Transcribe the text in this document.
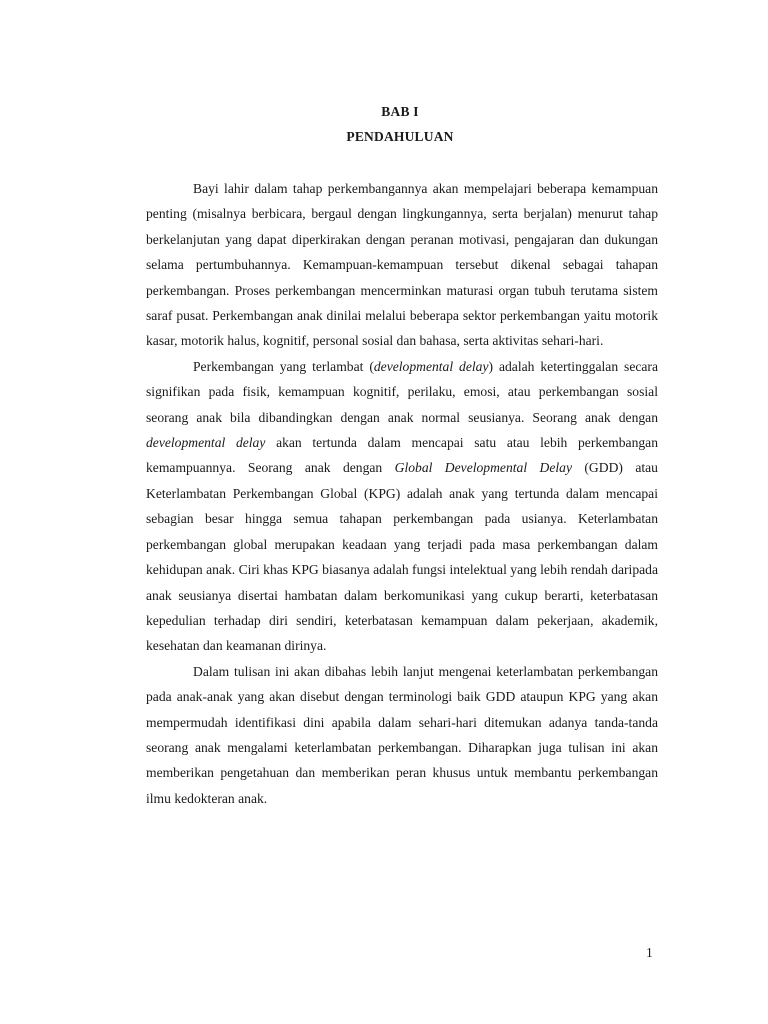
BAB I
PENDAHULUAN

Bayi lahir dalam tahap perkembangannya akan mempelajari beberapa kemampuan penting (misalnya berbicara, bergaul dengan lingkungannya, serta berjalan) menurut tahap berkelanjutan yang dapat diperkirakan dengan peranan motivasi, pengajaran dan dukungan selama pertumbuhannya. Kemampuan-kemampuan tersebut dikenal sebagai tahapan perkembangan. Proses perkembangan mencerminkan maturasi organ tubuh terutama sistem saraf pusat. Perkembangan anak dinilai melalui beberapa sektor perkembangan yaitu motorik kasar, motorik halus, kognitif, personal sosial dan bahasa, serta aktivitas sehari-hari.

Perkembangan yang terlambat (developmental delay) adalah ketertinggalan secara signifikan pada fisik, kemampuan kognitif, perilaku, emosi, atau perkembangan sosial seorang anak bila dibandingkan dengan anak normal seusianya. Seorang anak dengan developmental delay akan tertunda dalam mencapai satu atau lebih perkembangan kemampuannya. Seorang anak dengan Global Developmental Delay (GDD) atau Keterlambatan Perkembangan Global (KPG) adalah anak yang tertunda dalam mencapai sebagian besar hingga semua tahapan perkembangan pada usianya. Keterlambatan perkembangan global merupakan keadaan yang terjadi pada masa perkembangan dalam kehidupan anak. Ciri khas KPG biasanya adalah fungsi intelektual yang lebih rendah daripada anak seusianya disertai hambatan dalam berkomunikasi yang cukup berarti, keterbatasan kepedulian terhadap diri sendiri, keterbatasan kemampuan dalam pekerjaan, akademik, kesehatan dan keamanan dirinya.

Dalam tulisan ini akan dibahas lebih lanjut mengenai keterlambatan perkembangan pada anak-anak yang akan disebut dengan terminologi baik GDD ataupun KPG yang akan mempermudah identifikasi dini apabila dalam sehari-hari ditemukan adanya tanda-tanda seorang anak mengalami keterlambatan perkembangan. Diharapkan juga tulisan ini akan memberikan pengetahuan dan memberikan peran khusus untuk membantu perkembangan ilmu kedokteran anak.

1
